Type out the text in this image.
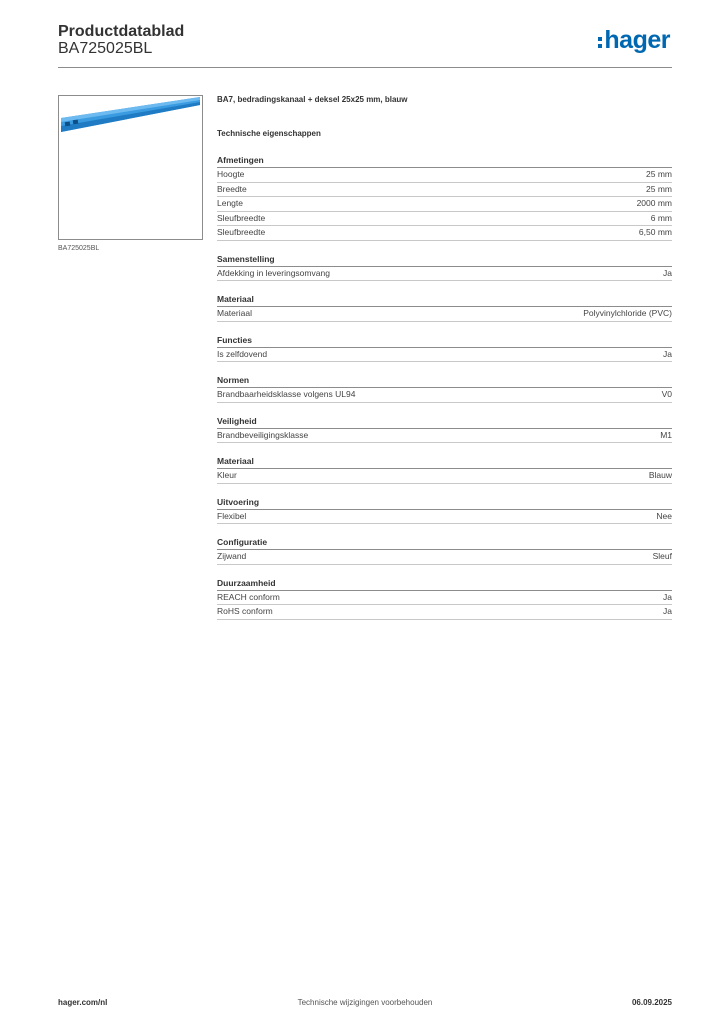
Productdatablad
BA725025BL	hager
BA725025BL
BA7, bedradingskanaal + deksel 25x25 mm, blauw
Technische eigenschappen
Afmetingen
Hoogte	25 mm
Breedte	25 mm
Lengte	2000 mm
Sleufbreedte	6 mm
Sleufbreedte	6,50 mm
Samenstelling
Afdekking in leveringsomvang	Ja
Materiaal
Materiaal	Polyvinylchloride (PVC)
Functies
Is zelfdovend	Ja
Normen
Brandbaarheidsklasse volgens UL94	V0
Veiligheid
Brandbeveiligingsklasse	M1
Materiaal
Kleur	Blauw
Uitvoering
Flexibel	Nee
Configuratie
Zijwand	Sleuf
Duurzaamheid
REACH conform	Ja
RoHS conform	Ja
hager.com/nl	Technische wijzigingen voorbehouden	06.09.2025
